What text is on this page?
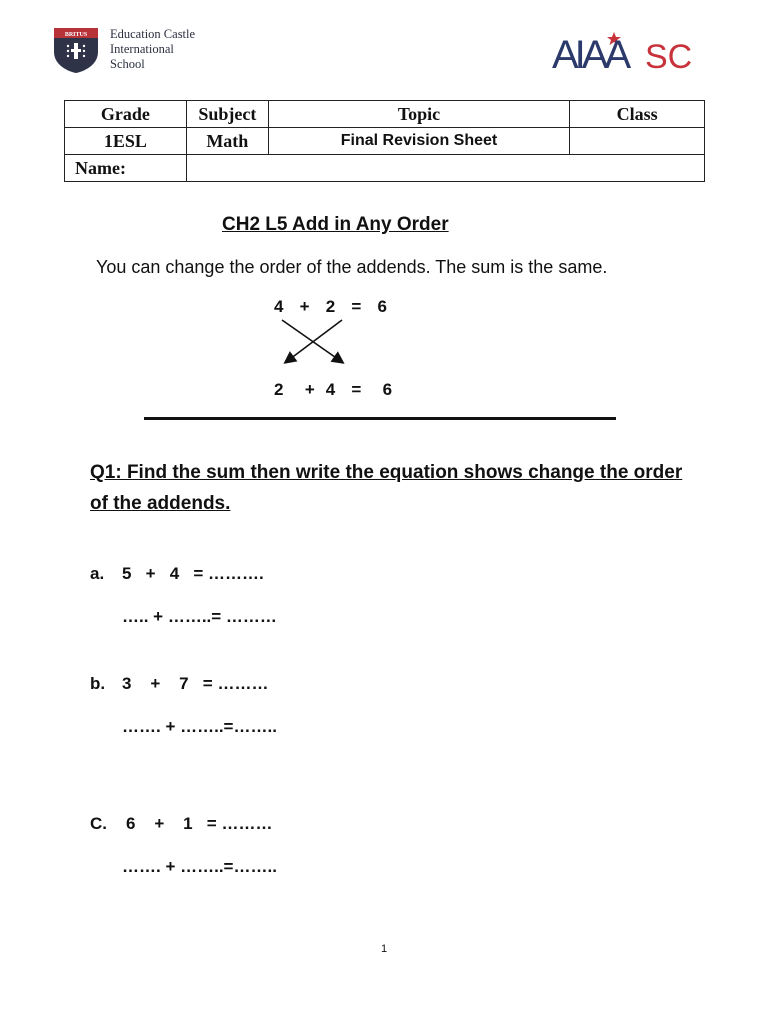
BRITUS Education Castle
International
School	AIAA SC
Grade	Subject	Topic	Class
1ESL	Math	Final Revision Sheet	
Name:			
CH2 L5 Add in Any Order
You can change the order of the addends. The sum is the same.
4   +   2   =   6
2    +  4   =    6
Q1: Find the sum then write the equation shows change the order of the addends.
a. 5   +   4   = ……….
….. + ……..= ………
b. 3    +    7   = ………
……. + ……..=……..
C. 6    +    1   = ………
……. + ……..=……..
1
